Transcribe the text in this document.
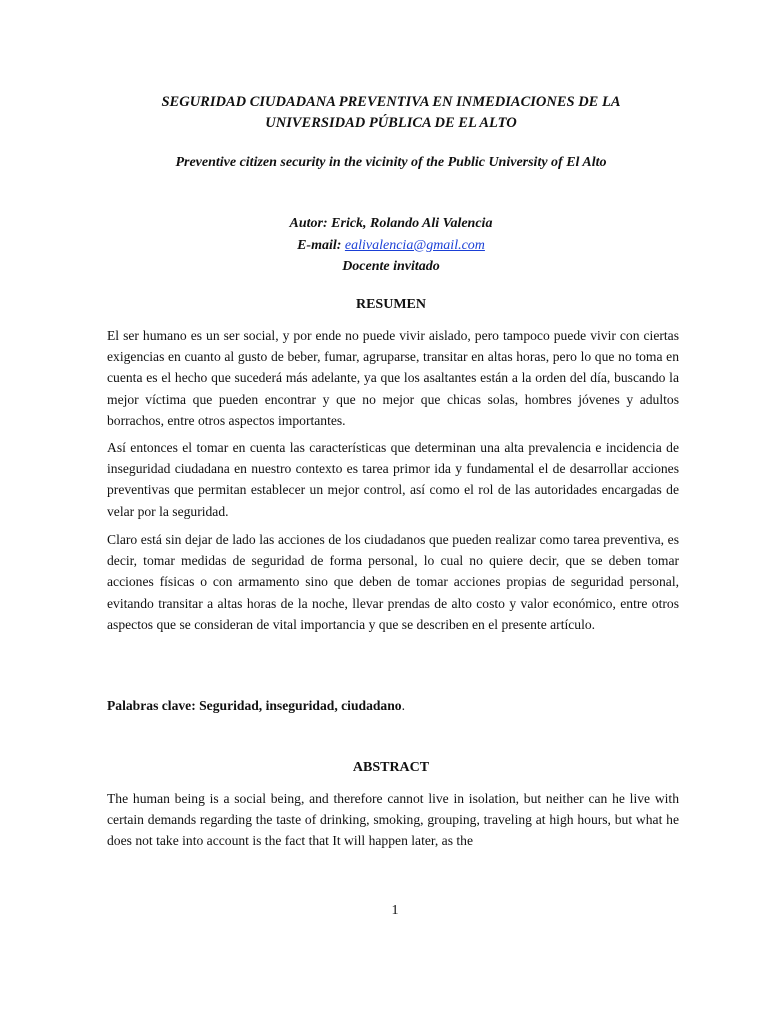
SEGURIDAD CIUDADANA PREVENTIVA EN INMEDIACIONES DE LA
UNIVERSIDAD PÚBLICA DE EL ALTO
Preventive citizen security in the vicinity of the Public University of El Alto
Autor: Erick, Rolando Ali Valencia
E-mail: ealivalencia@gmail.com
Docente invitado
RESUMEN

El ser humano es un ser social, y por ende no puede vivir aislado, pero tampoco puede vivir con ciertas exigencias en cuanto al gusto de beber, fumar, agruparse, transitar en altas horas, pero lo que no toma en cuenta es el hecho que sucederá más adelante, ya que los asaltantes están a la orden del día, buscando la mejor víctima que pueden encontrar y que no mejor que chicas solas, hombres jóvenes y adultos borrachos, entre otros aspectos importantes.

Así entonces el tomar en cuenta las características que determinan una alta prevalencia e incidencia de inseguridad ciudadana en nuestro contexto es tarea primor ida y fundamental el de desarrollar acciones preventivas que permitan establecer un mejor control, así como el rol de las autoridades encargadas de velar por la seguridad.

Claro está sin dejar de lado las acciones de los ciudadanos que pueden realizar como tarea preventiva, es decir, tomar medidas de seguridad de forma personal, lo cual no quiere decir, que se deben tomar acciones físicas o con armamento sino que deben de tomar acciones propias de seguridad personal, evitando transitar a altas horas de la noche, llevar prendas de alto costo y valor económico, entre otros aspectos que se consideran de vital importancia y que se describen en el presente artículo.

Palabras clave: Seguridad, inseguridad, ciudadano.
ABSTRACT

The human being is a social being, and therefore cannot live in isolation, but neither can he live with certain demands regarding the taste of drinking, smoking, grouping, traveling at high hours, but what he does not take into account is the fact that It will happen later, as the

1
